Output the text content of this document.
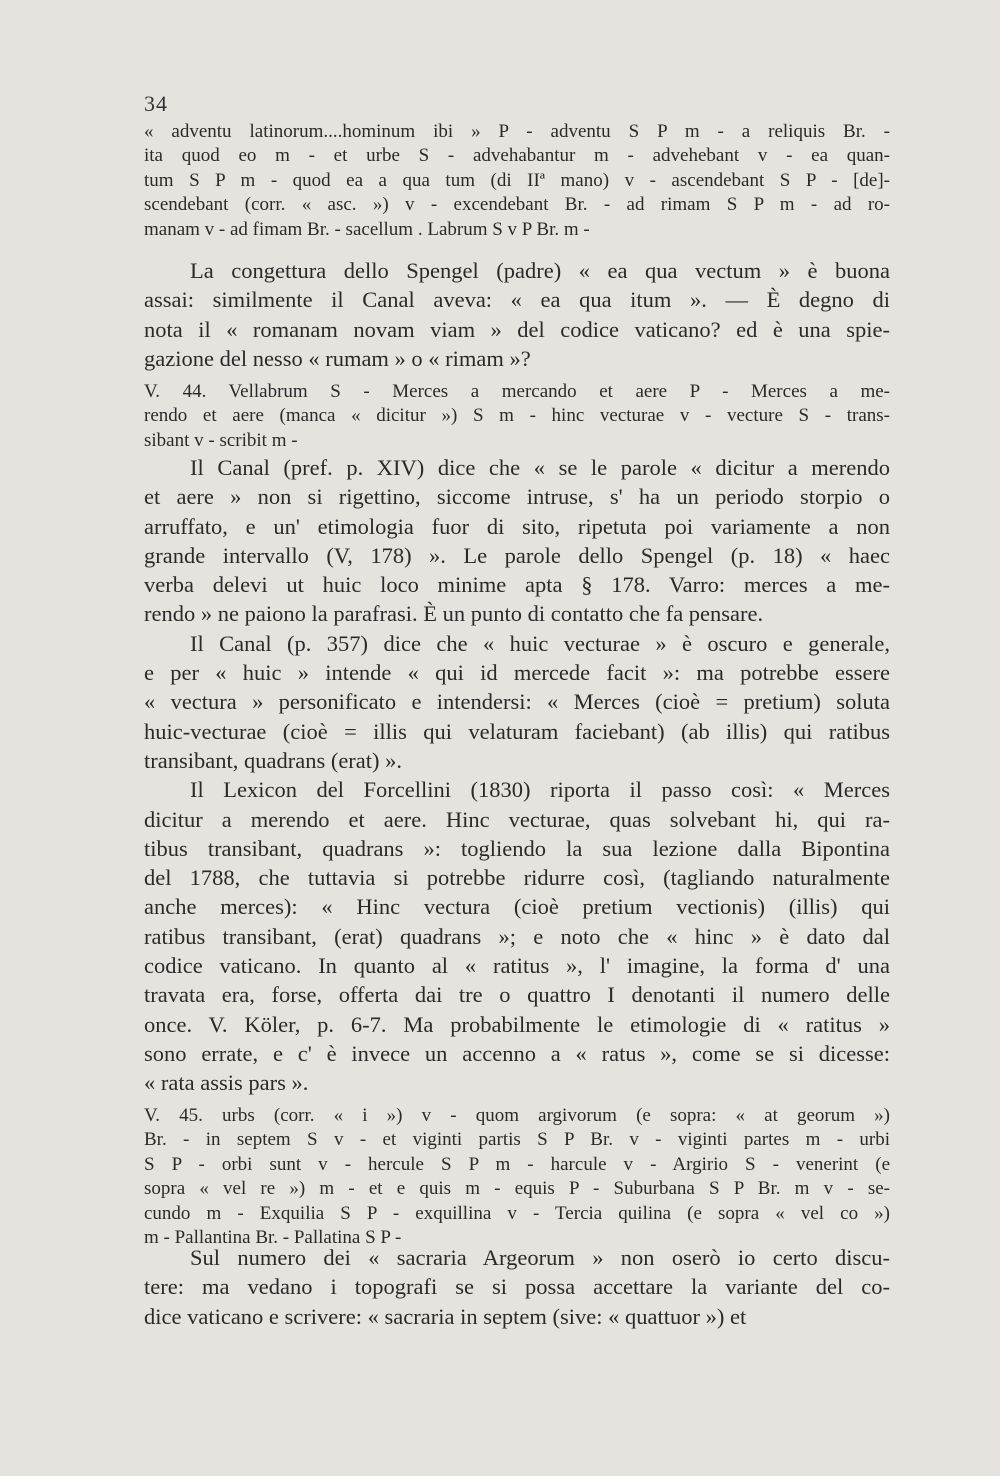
34
« adventu latinorum....hominum ibi » P - adventu S P m - a reliquis Br. -
ita quod eo m - et urbe S - advehabantur m - advehebant v - ea quan-
tum S P m - quod ea a qua tum (di IIª mano) v - ascendebant S P - [de]-
scendebant (corr. « asc. ») v - excendebant Br. - ad rimam S P m - ad ro-
manam v - ad fimam Br. - sacellum . Labrum S v P Br. m -
La congettura dello Spengel (padre) « ea qua vectum » è buona
assai: similmente il Canal aveva: « ea qua itum ». — È degno di
nota il « romanam novam viam » del codice vaticano? ed è una spie-
gazione del nesso « rumam » o « rimam »?
V. 44. Vellabrum S - Merces a mercando et aere P - Merces a me-
rendo et aere (manca « dicitur ») S m - hinc vecturae v - vecture S - trans-
sibant v - scribit m -
Il Canal (pref. p. XIV) dice che « se le parole « dicitur a merendo
et aere » non si rigettino, siccome intruse, s' ha un periodo storpio o
arruffato, e un' etimologia fuor di sito, ripetuta poi variamente a non
grande intervallo (V, 178) ». Le parole dello Spengel (p. 18) « haec
verba delevi ut huic loco minime apta § 178. Varro: merces a me-
rendo » ne paiono la parafrasi. È un punto di contatto che fa pensare.
Il Canal (p. 357) dice che « huic vecturae » è oscuro e generale,
e per « huic » intende « qui id mercede facit »: ma potrebbe essere
« vectura » personificato e intendersi: « Merces (cioè = pretium) soluta
huic-vecturae (cioè = illis qui velaturam faciebant) (ab illis) qui ratibus
transibant, quadrans (erat) ».
Il Lexicon del Forcellini (1830) riporta il passo così: « Merces
dicitur a merendo et aere. Hinc vecturae, quas solvebant hi, qui ra-
tibus transibant, quadrans »: togliendo la sua lezione dalla Bipontina
del 1788, che tuttavia si potrebbe ridurre così, (tagliando naturalmente
anche merces): « Hinc vectura (cioè pretium vectionis) (illis) qui
ratibus transibant, (erat) quadrans »; e noto che « hinc » è dato dal
codice vaticano. In quanto al « ratitus », l' imagine, la forma d' una
travata era, forse, offerta dai tre o quattro I denotanti il numero delle
once. V. Köler, p. 6-7. Ma probabilmente le etimologie di « ratitus »
sono errate, e c' è invece un accenno a « ratus », come se si dicesse:
« rata assis pars ».
V. 45. urbs (corr. « i ») v - quom argivorum (e sopra: « at georum »)
Br. - in septem S v - et viginti partis S P Br. v - viginti partes m - urbi
S P - orbi sunt v - hercule S P m - harcule v - Argirio S - venerint (e
sopra « vel re ») m - et e quis m - equis P - Suburbana S P Br. m v - se-
cundo m - Exquilia S P - exquillina v - Tercia quilina (e sopra « vel co »)
m - Pallantina Br. - Pallatina S P -
Sul numero dei « sacraria Argeorum » non oserò io certo discu-
tere: ma vedano i topografi se si possa accettare la variante del co-
dice vaticano e scrivere: « sacraria in septem (sive: « quattuor ») et
